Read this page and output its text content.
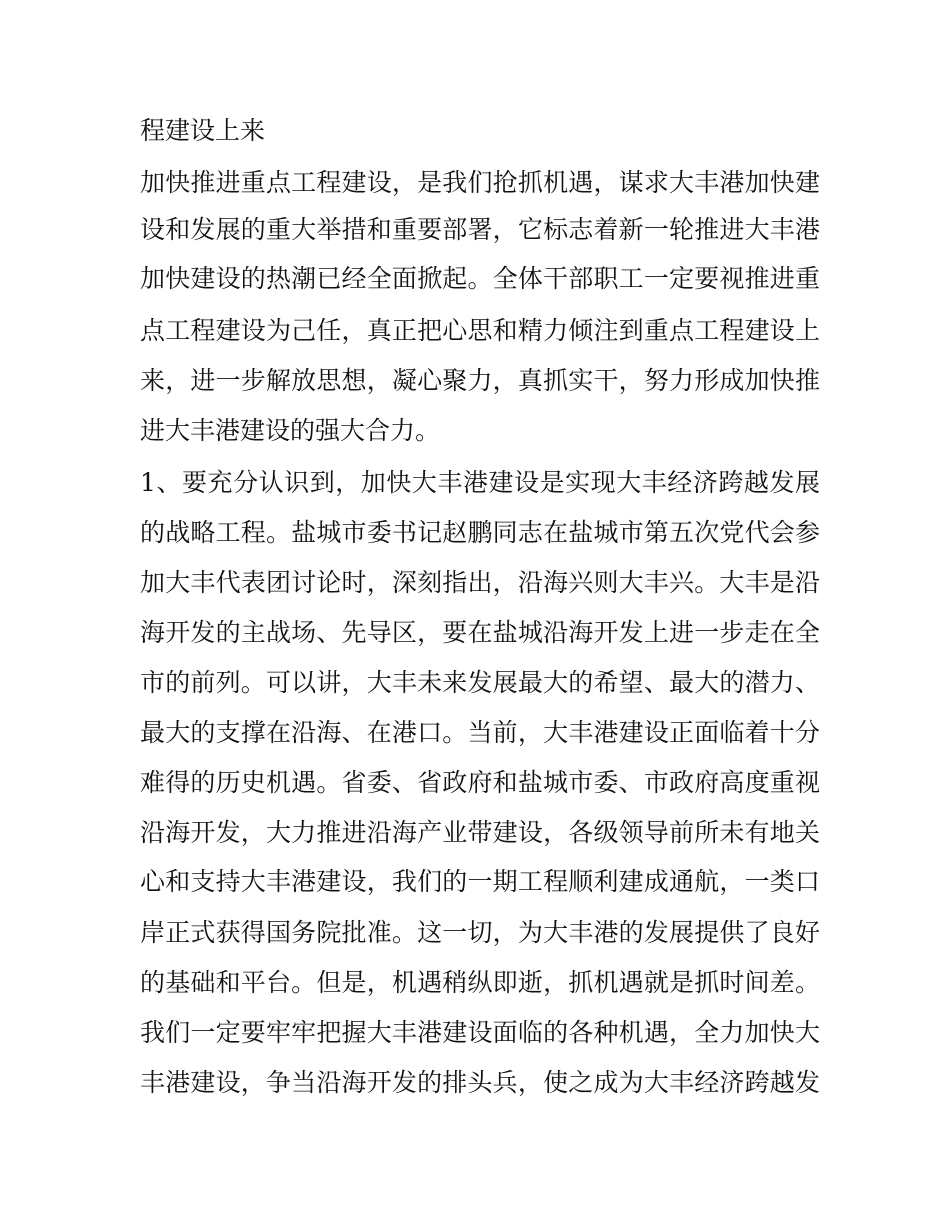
程建设上来
加快推进重点工程建设，是我们抢抓机遇，谋求大丰港加快建
设和发展的重大举措和重要部署，它标志着新一轮推进大丰港
加快建设的热潮已经全面掀起。全体干部职工一定要视推进重
点工程建设为己任，真正把心思和精力倾注到重点工程建设上
来，进一步解放思想，凝心聚力，真抓实干，努力形成加快推
进大丰港建设的强大合力。
1、要充分认识到，加快大丰港建设是实现大丰经济跨越发展
的战略工程。盐城市委书记赵鹏同志在盐城市第五次党代会参
加大丰代表团讨论时，深刻指出，沿海兴则大丰兴。大丰是沿
海开发的主战场、先导区，要在盐城沿海开发上进一步走在全
市的前列。可以讲，大丰未来发展最大的希望、最大的潜力、
最大的支撑在沿海、在港口。当前，大丰港建设正面临着十分
难得的历史机遇。省委、省政府和盐城市委、市政府高度重视
沿海开发，大力推进沿海产业带建设，各级领导前所未有地关
心和支持大丰港建设，我们的一期工程顺利建成通航，一类口
岸正式获得国务院批准。这一切，为大丰港的发展提供了良好
的基础和平台。但是，机遇稍纵即逝，抓机遇就是抓时间差。
我们一定要牢牢把握大丰港建设面临的各种机遇，全力加快大
丰港建设，争当沿海开发的排头兵，使之成为大丰经济跨越发
